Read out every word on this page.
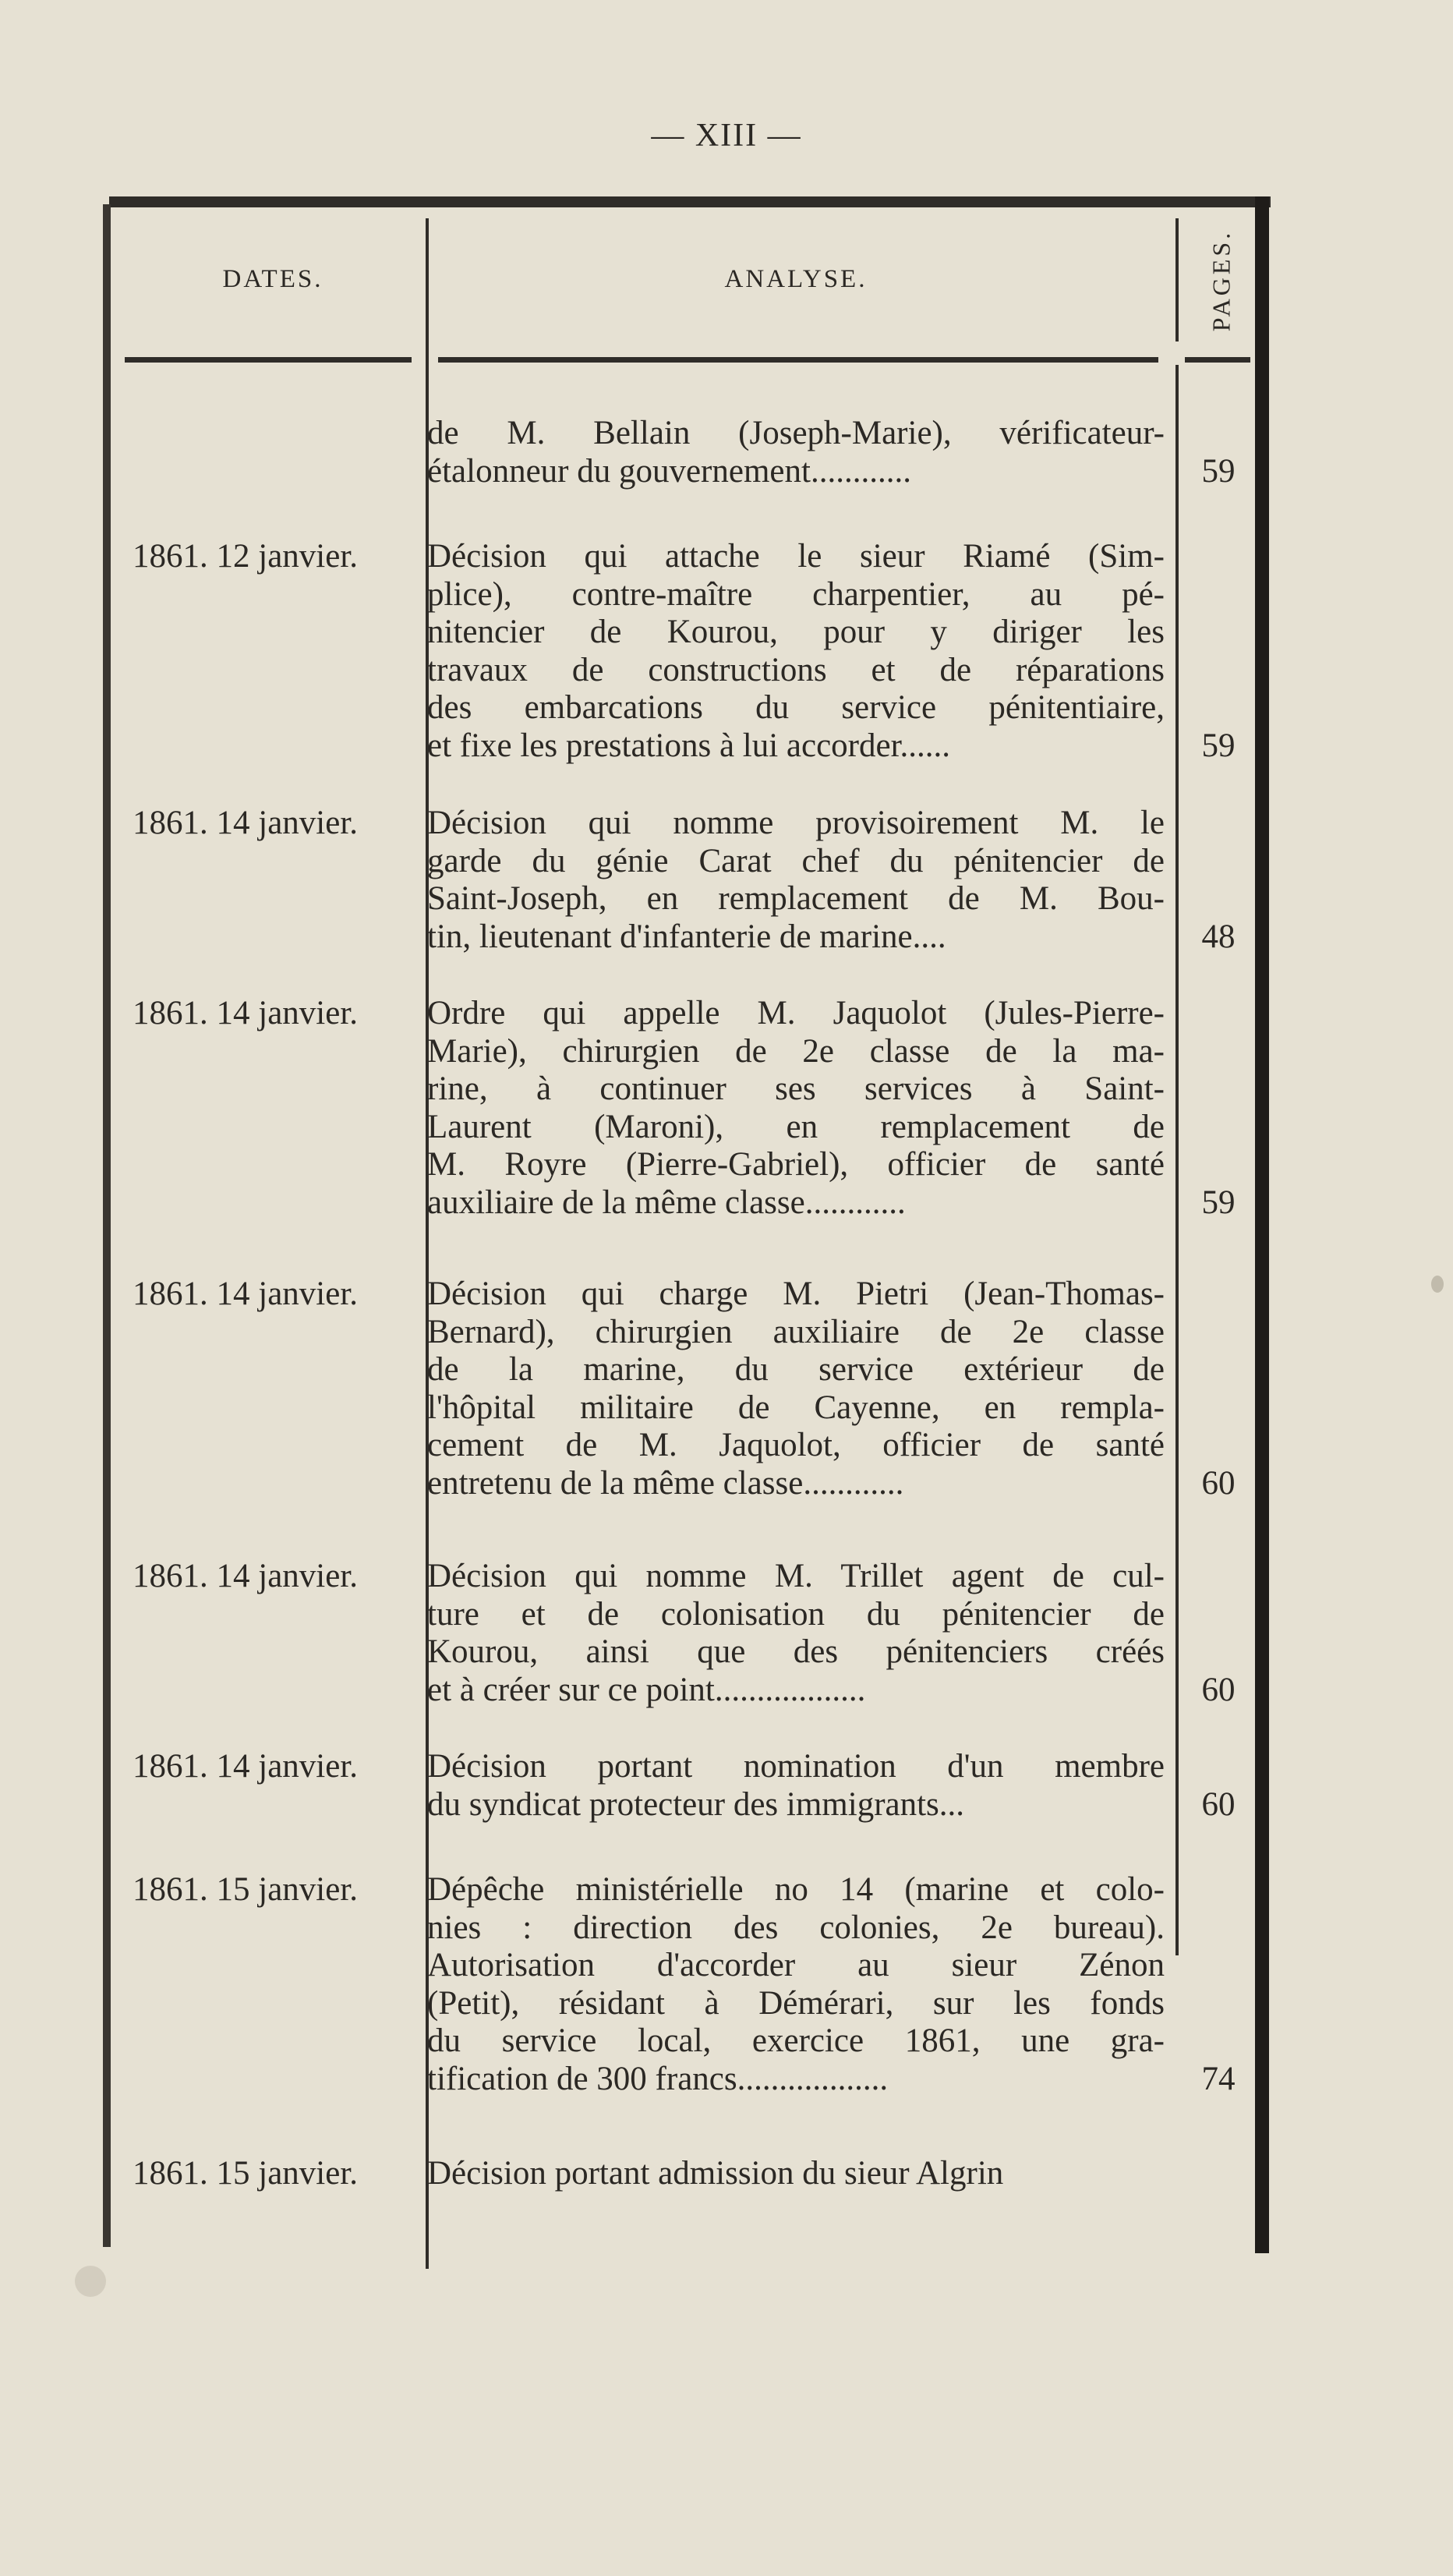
— XIII —
DATES.	ANALYSE.	PAGES.
de M. Bellain (Joseph-Marie), vérificateur-
étalonneur du gouvernement............	59
1861. 12 janvier.	Décision qui attache le sieur Riamé (Sim-
plice), contre-maître charpentier, au pé-
nitencier de Kourou, pour y diriger les
travaux de constructions et de réparations
des embarcations du service pénitentiaire,
et fixe les prestations à lui accorder......	59
1861. 14 janvier.	Décision qui nomme provisoirement M. le
garde du génie Carat chef du pénitencier de
Saint-Joseph, en remplacement de M. Bou-
tin, lieutenant d'infanterie de marine....	48
1861. 14 janvier.	Ordre qui appelle M. Jaquolot (Jules-Pierre-
Marie), chirurgien de 2e classe de la ma-
rine, à continuer ses services à Saint-
Laurent (Maroni), en remplacement de
M. Royre (Pierre-Gabriel), officier de santé
auxiliaire de la même classe............	59
1861. 14 janvier.	Décision qui charge M. Pietri (Jean-Thomas-
Bernard), chirurgien auxiliaire de 2e classe
de la marine, du service extérieur de
l'hôpital militaire de Cayenne, en rempla-
cement de M. Jaquolot, officier de santé
entretenu de la même classe............	60
1861. 14 janvier.	Décision qui nomme M. Trillet agent de cul-
ture et de colonisation du pénitencier de
Kourou, ainsi que des pénitenciers créés
et à créer sur ce point..................	60
1861. 14 janvier.	Décision portant nomination d'un membre
du syndicat protecteur des immigrants...	60
1861. 15 janvier.	Dépêche ministérielle no 14 (marine et colo-
nies : direction des colonies, 2e bureau).
Autorisation d'accorder au sieur Zénon
(Petit), résidant à Démérari, sur les fonds
du service local, exercice 1861, une gra-
tification de 300 francs..................	74
1861. 15 janvier.	Décision portant admission du sieur Algrin
